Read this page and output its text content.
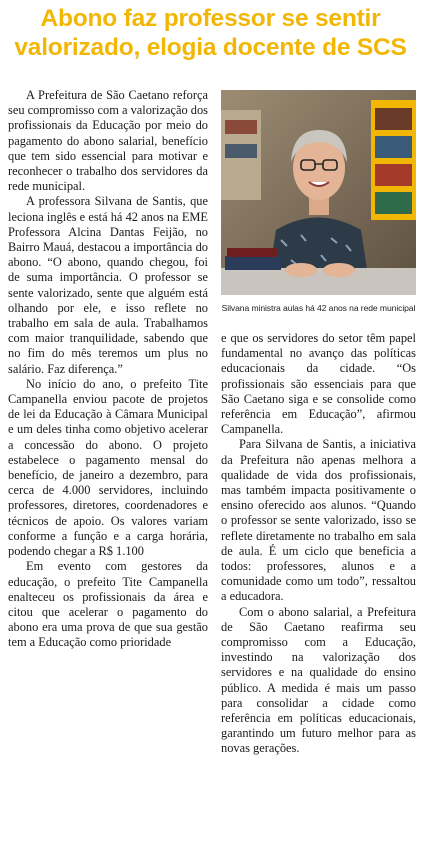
Abono faz professor se sentir
valorizado, elogia docente de SCS

A Prefeitura de São Caetano reforça seu compromisso com a valorização dos profissionais da Educação por meio do pagamento do abono salarial, benefício que tem sido essencial para motivar e reconhecer o trabalho dos servidores da rede municipal.

A professora Silvana de Santis, que leciona inglês e está há 42 anos na EME Professora Alcina Dantas Feijão, no Bairro Mauá, destacou a importância do abono. “O abono, quando chegou, foi de suma importância. O professor se sente valorizado, sente que alguém está olhando por ele, e isso reflete no trabalho em sala de aula. Trabalhamos com maior tranquilidade, sabendo que no fim do mês teremos um plus no salário. Faz diferença.”

No início do ano, o prefeito Tite Campanella enviou pacote de projetos de lei da Educação à Câmara Municipal e um deles tinha como objetivo acelerar a concessão do abono. O projeto estabelece o pagamento mensal do benefício, de janeiro a dezembro, para cerca de 4.000 servidores, incluindo professores, diretores, coordenadores e técnicos de apoio. Os valores variam conforme a função e a carga horária, podendo chegar a R$ 1.100

Em evento com gestores da educação, o prefeito Tite Campanella enalteceu os profissionais da área e citou que acelerar o pagamento do abono era uma prova de que sua gestão tem a Educação como prioridade

Silvana ministra aulas há 42 anos na rede municipal

e que os servidores do setor têm papel fundamental no avanço das políticas educacionais da cidade. “Os profissionais são essenciais para que São Caetano siga e se consolide como referência em Educação”, afirmou Campanella.

Para Silvana de Santis, a iniciativa da Prefeitura não apenas melhora a qualidade de vida dos profissionais, mas também impacta positivamente o ensino oferecido aos alunos. “Quando o professor se sente valorizado, isso se reflete diretamente no trabalho em sala de aula. É um ciclo que beneficia a todos: professores, alunos e a comunidade como um todo”, ressaltou a educadora.

Com o abono salarial, a Prefeitura de São Caetano reafirma seu compromisso com a Educação, investindo na valorização dos servidores e na qualidade do ensino público. A medida é mais um passo para consolidar a cidade como referência em políticas educacionais, garantindo um futuro melhor para as novas gerações.
